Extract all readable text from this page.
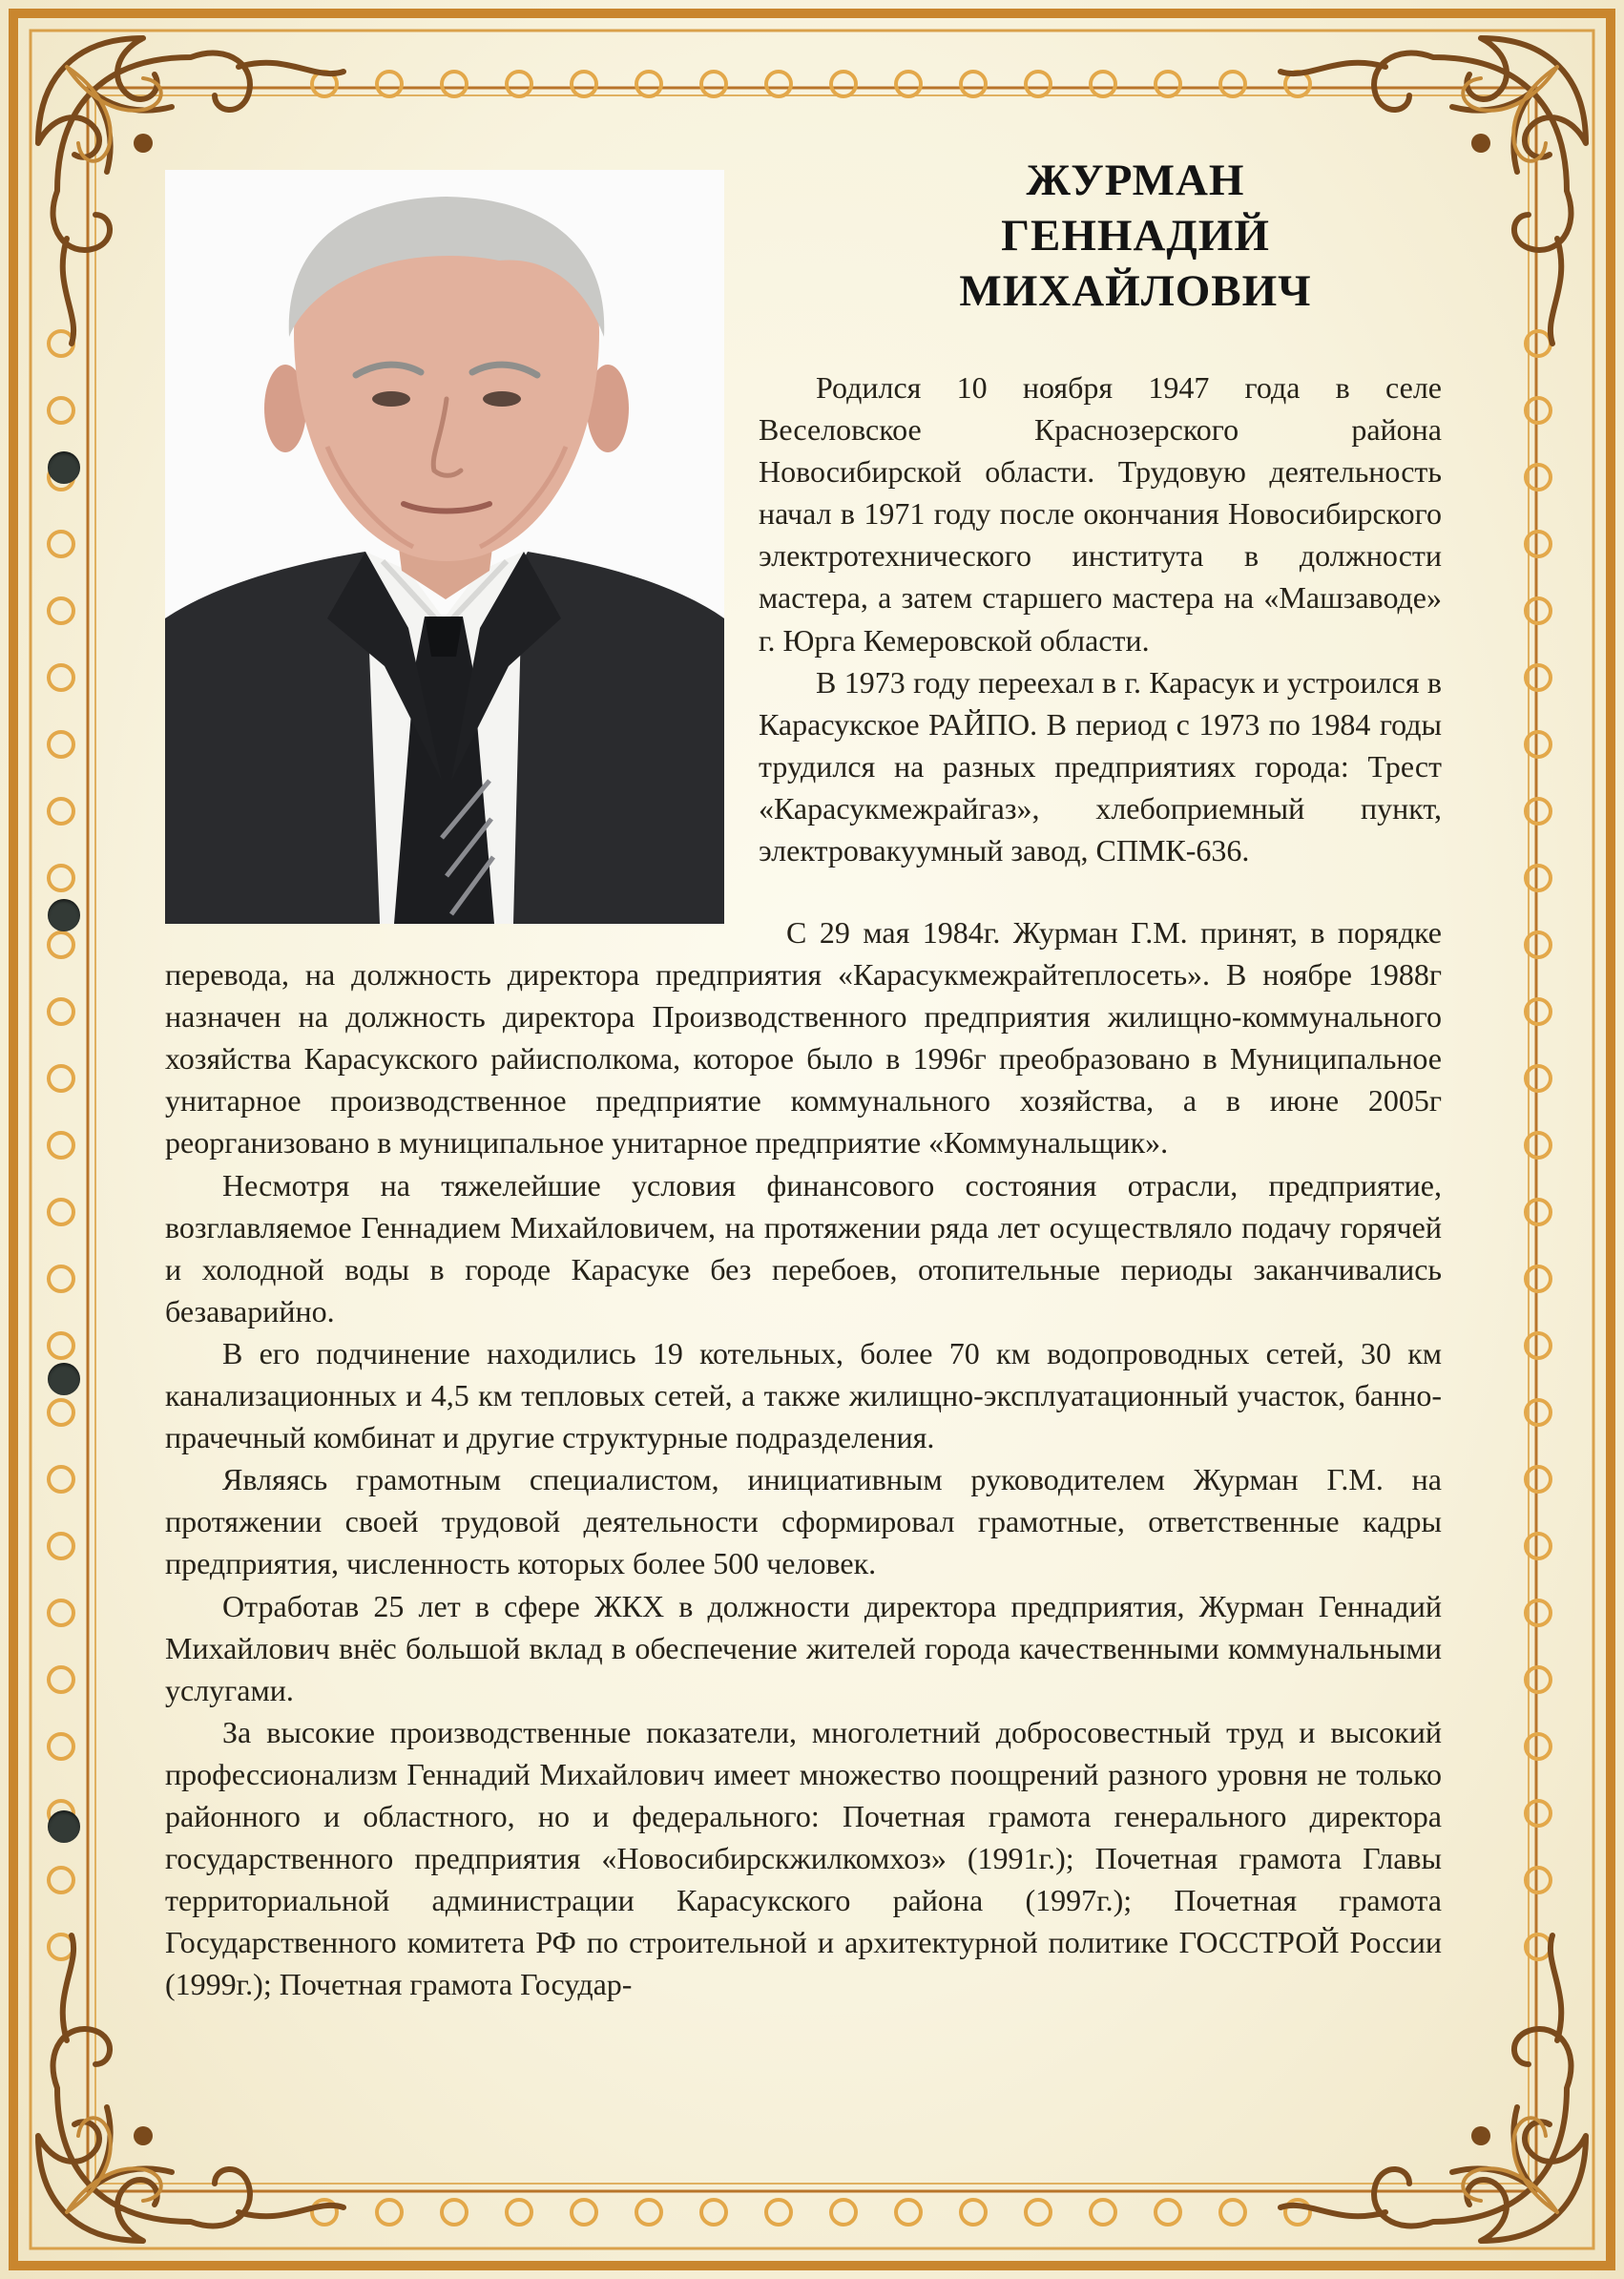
ЖУРМАН
ГЕННАДИЙ
МИХАЙЛОВИЧ

Родился 10 ноября 1947 года в селе Веселовское Краснозерского района Новосибирской области. Трудовую деятельность начал в 1971 году после окончания Новосибирского электротехнического института в должности мастера, а затем старшего мастера на «Машзаводе» г. Юрга Кемеровской области.

В 1973 году переехал в г. Карасук и устроился в Карасукское РАЙПО. В период с 1973 по 1984 годы трудился на разных предприятиях города: Трест «Карасукмежрайгаз», хлебоприемный пункт, электровакуумный завод, СПМК-636.

С 29 мая 1984г. Журман Г.М. принят, в порядке перевода, на должность директора предприятия «Карасукмежрайтеплосеть». В ноябре 1988г назначен на должность директора Производственного предприятия жилищно-коммунального хозяйства Карасукского райисполкома, которое было в 1996г преобразовано в Муниципальное унитарное производственное предприятие коммунального хозяйства, а в июне 2005г реорганизовано в муниципальное унитарное предприятие «Коммунальщик».

Несмотря на тяжелейшие условия финансового состояния отрасли, предприятие, возглавляемое Геннадием Михайловичем, на протяжении ряда лет осуществляло подачу горячей и холодной воды в городе Карасуке без перебоев, отопительные периоды заканчивались безаварийно.

В его подчинение находились 19 котельных, более 70 км водопроводных сетей, 30 км канализационных и 4,5 км тепловых сетей, а также жилищно-эксплуатационный участок, банно-прачечный комбинат и другие структурные подразделения.

Являясь грамотным специалистом, инициативным руководителем Журман Г.М. на протяжении своей трудовой деятельности сформировал грамотные, ответственные кадры предприятия, численность которых более 500 человек.

Отработав 25 лет в сфере ЖКХ в должности директора предприятия, Журман Геннадий Михайлович внёс большой вклад в обеспечение жителей города качественными коммунальными услугами.

За высокие производственные показатели, многолетний добросовестный труд и высокий профессионализм Геннадий Михайлович имеет множество поощрений разного уровня не только районного и областного, но и федерального: Почетная грамота генерального директора государственного предприятия «Новосибирскжилкомхоз» (1991г.); Почетная грамота Главы территориальной администрации Карасукского района (1997г.); Почетная грамота Государственного комитета РФ по строительной и архитектурной политике ГОССТРОЙ России (1999г.); Почетная грамота Государ-
